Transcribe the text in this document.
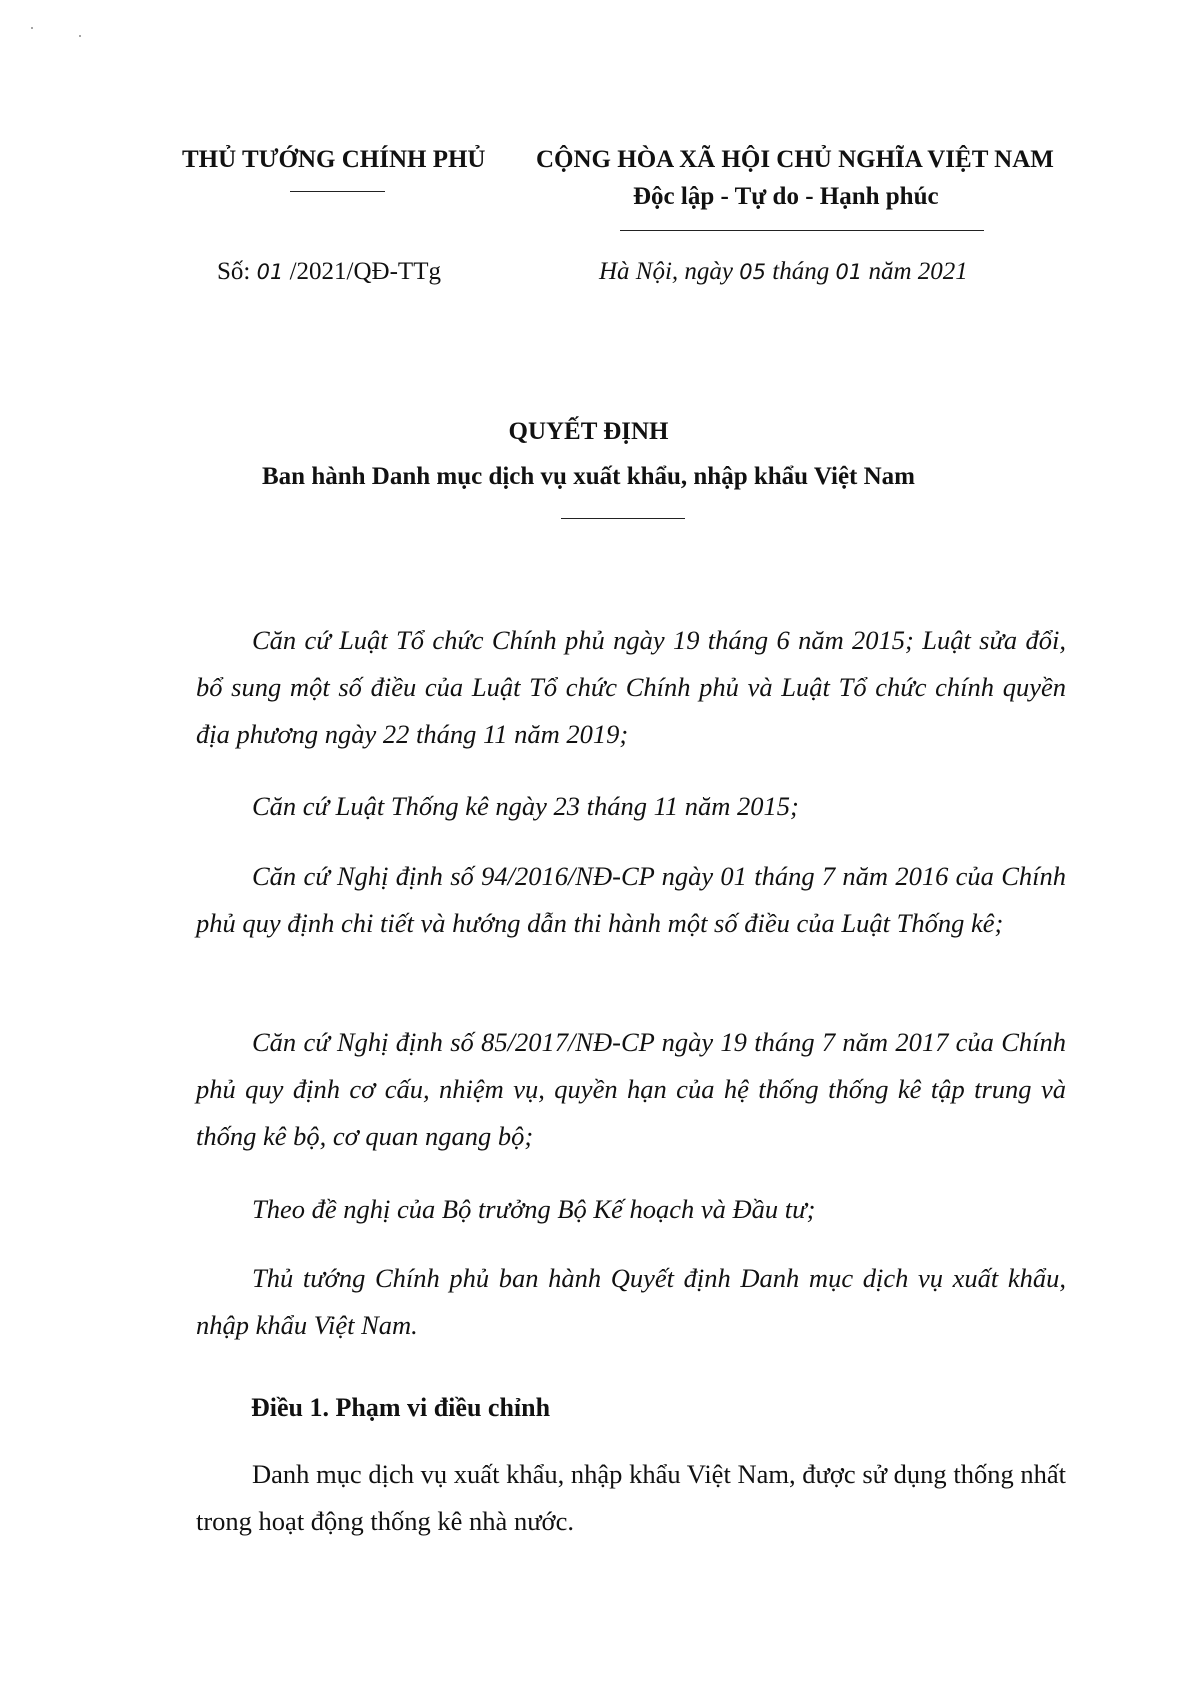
THỦ TƯỚNG CHÍNH PHỦ CỘNG HÒA XÃ HỘI CHỦ NGHĨA VIỆT NAM
Độc lập - Tự do - Hạnh phúc
Số: 01 /2021/QĐ-TTg	Hà Nội, ngày 05 tháng 01 năm 2021
QUYẾT ĐỊNH
Ban hành Danh mục dịch vụ xuất khẩu, nhập khẩu Việt Nam

Căn cứ Luật Tổ chức Chính phủ ngày 19 tháng 6 năm 2015; Luật sửa đổi, bổ sung một số điều của Luật Tổ chức Chính phủ và Luật Tổ chức chính quyền địa phương ngày 22 tháng 11 năm 2019;

Căn cứ Luật Thống kê ngày 23 tháng 11 năm 2015;

Căn cứ Nghị định số 94/2016/NĐ-CP ngày 01 tháng 7 năm 2016 của Chính phủ quy định chi tiết và hướng dẫn thi hành một số điều của Luật Thống kê;

Căn cứ Nghị định số 85/2017/NĐ-CP ngày 19 tháng 7 năm 2017 của Chính phủ quy định cơ cấu, nhiệm vụ, quyền hạn của hệ thống thống kê tập trung và thống kê bộ, cơ quan ngang bộ;

Theo đề nghị của Bộ trưởng Bộ Kế hoạch và Đầu tư;

Thủ tướng Chính phủ ban hành Quyết định Danh mục dịch vụ xuất khẩu, nhập khẩu Việt Nam.

Điều 1. Phạm vi điều chỉnh

Danh mục dịch vụ xuất khẩu, nhập khẩu Việt Nam, được sử dụng thống nhất trong hoạt động thống kê nhà nước.
